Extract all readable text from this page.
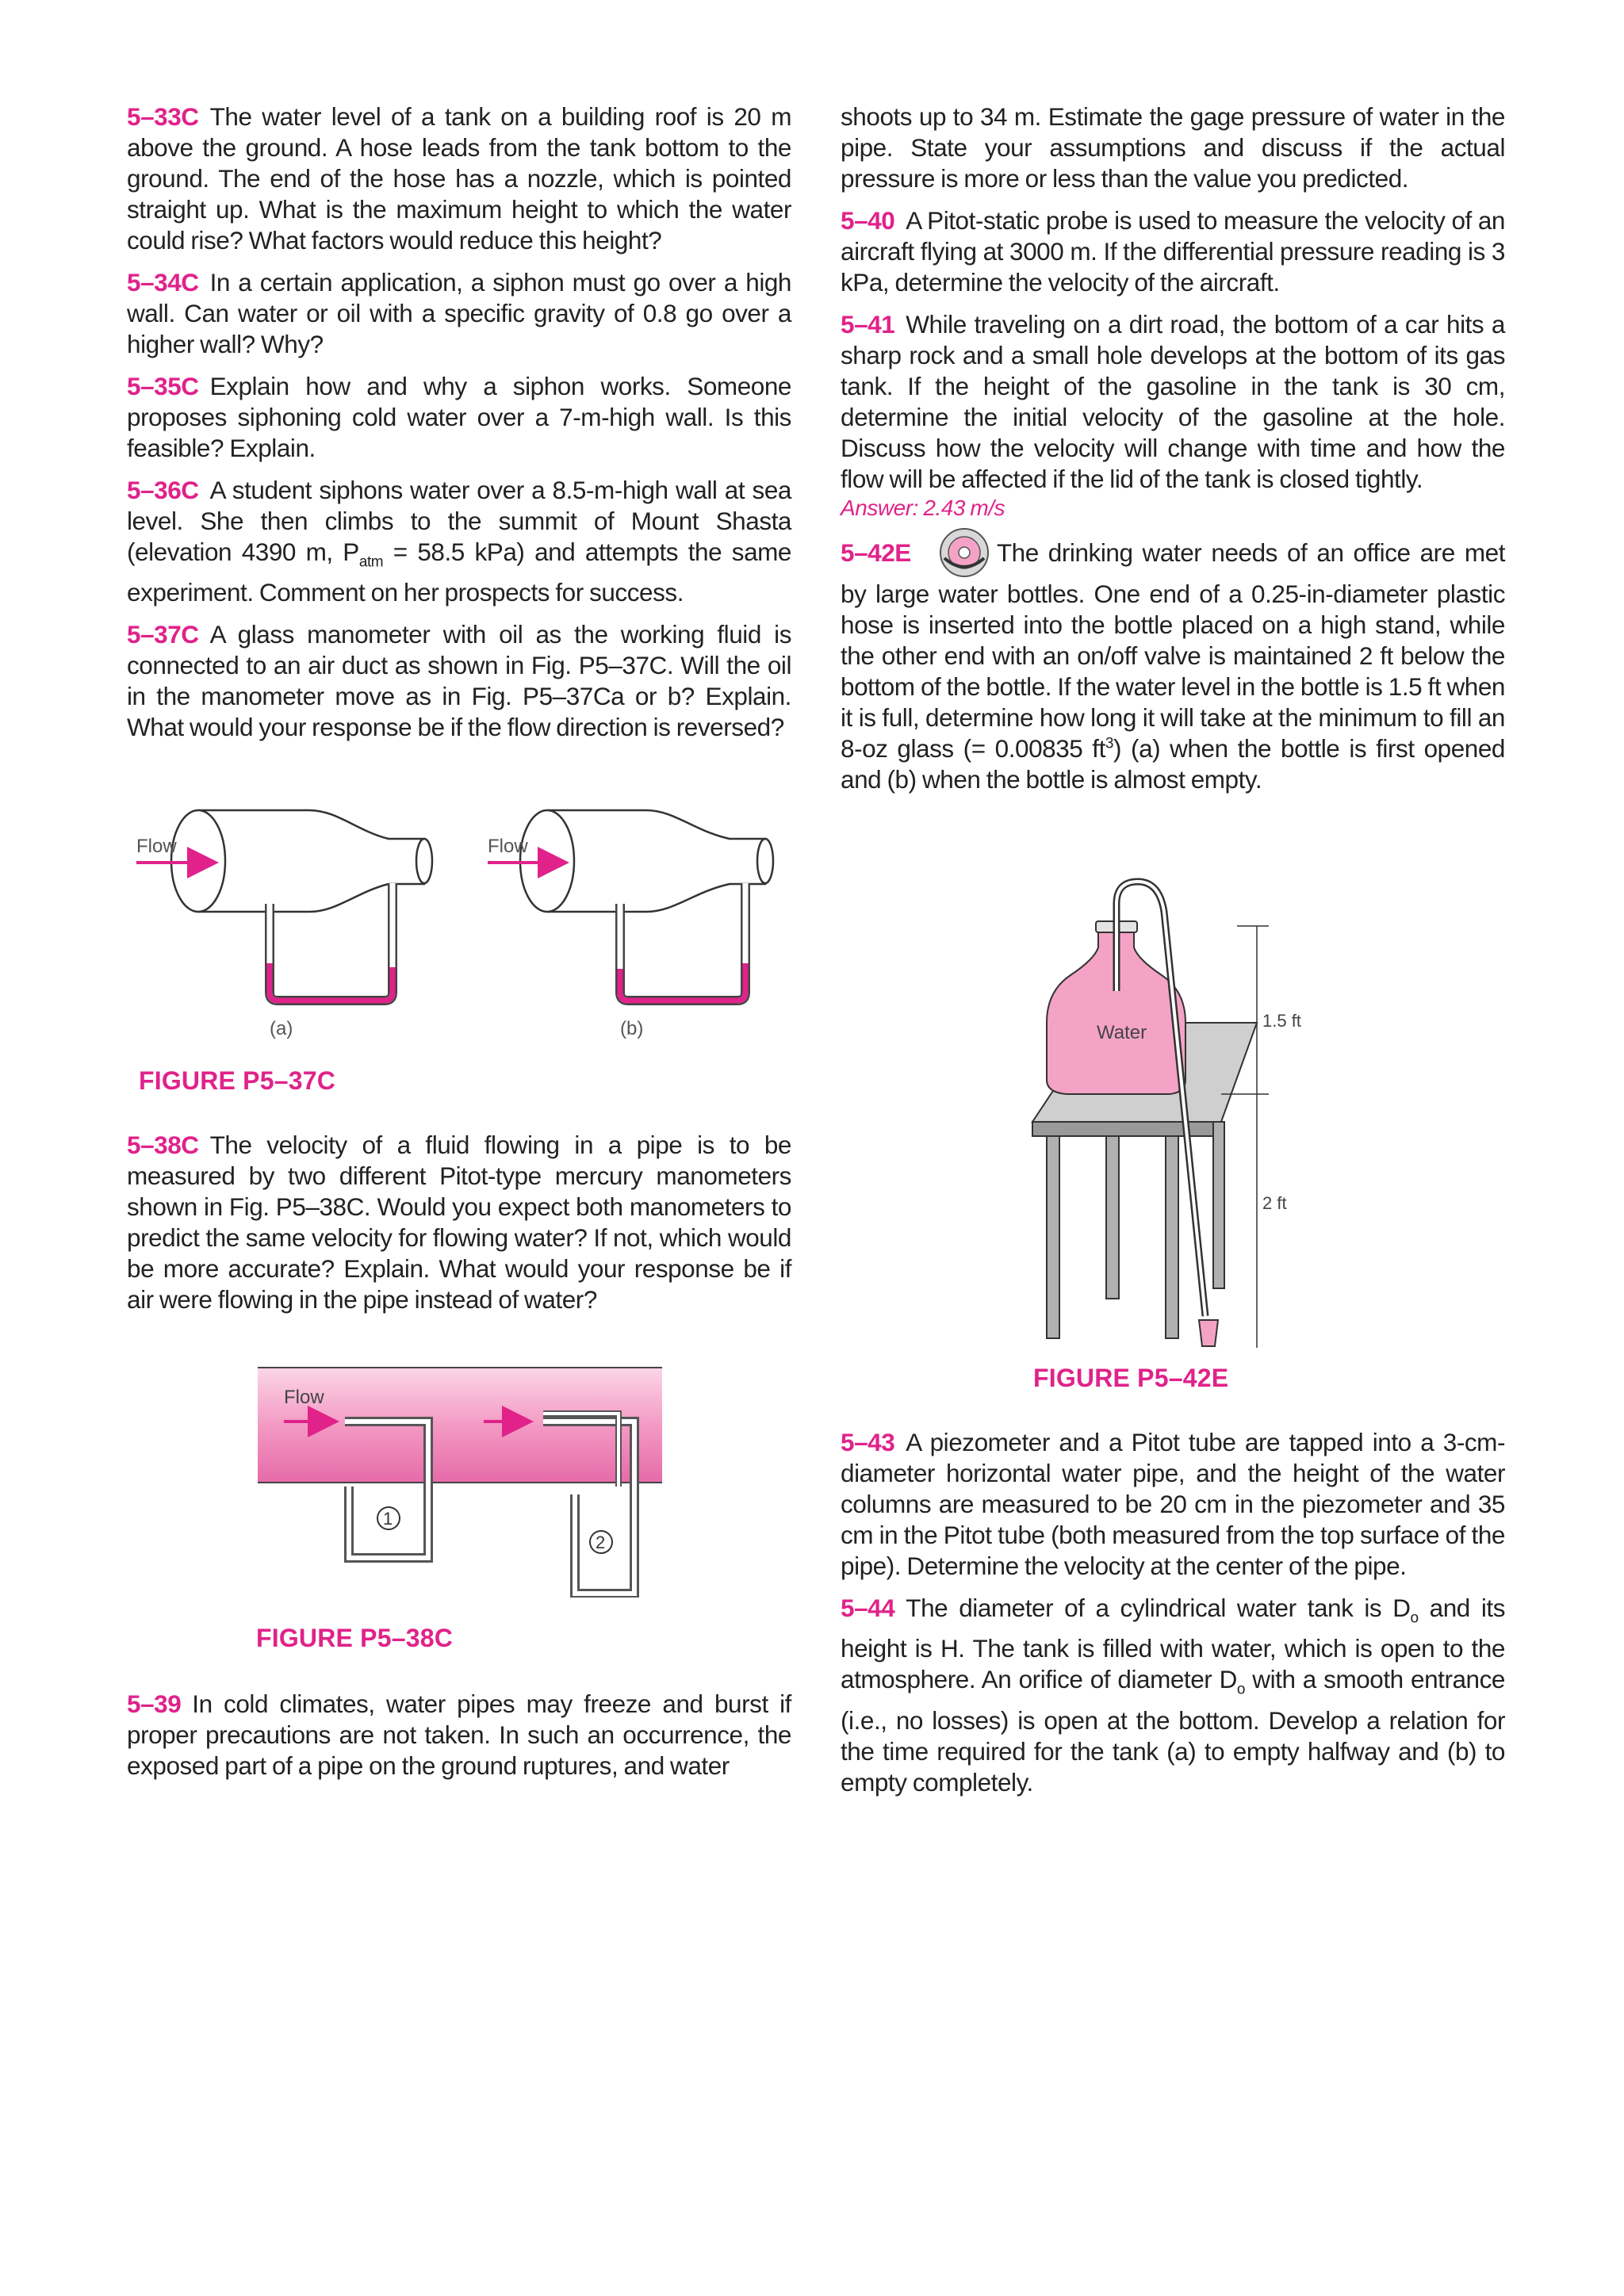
5–33C The water level of a tank on a building roof is 20 m above the ground. A hose leads from the tank bottom to the ground. The end of the hose has a nozzle, which is pointed straight up. What is the maximum height to which the water could rise? What factors would reduce this height?

5–34C In a certain application, a siphon must go over a high wall. Can water or oil with a specific gravity of 0.8 go over a higher wall? Why?

5–35C Explain how and why a siphon works. Someone proposes siphoning cold water over a 7-m-high wall. Is this feasible? Explain.

5–36C A student siphons water over a 8.5-m-high wall at sea level. She then climbs to the summit of Mount Shasta (elevation 4390 m, $P_{atm} = 58.5$ kPa) and attempts the same experiment. Comment on her prospects for success.

5–37C A glass manometer with oil as the working fluid is connected to an air duct as shown in Fig. P5–37C. Will the oil in the manometer move as in Fig. P5–37Ca or b? Explain. What would your response be if the flow direction is reversed?

Flow
(a)
Flow
(b)
FIGURE P5–37C

5–38C The velocity of a fluid flowing in a pipe is to be measured by two different Pitot-type mercury manometers shown in Fig. P5–38C. Would you expect both manometers to predict the same velocity for flowing water? If not, which would be more accurate? Explain. What would your response be if air were flowing in the pipe instead of water?

Flow
1
2
FIGURE P5–38C

5–39 In cold climates, water pipes may freeze and burst if proper precautions are not taken. In such an occurrence, the exposed part of a pipe on the ground ruptures, and water

shoots up to 34 m. Estimate the gage pressure of water in the pipe. State your assumptions and discuss if the actual pressure is more or less than the value you predicted.

5–40 A Pitot-static probe is used to measure the velocity of an aircraft flying at 3000 m. If the differential pressure reading is 3 kPa, determine the velocity of the aircraft.

5–41 While traveling on a dirt road, the bottom of a car hits a sharp rock and a small hole develops at the bottom of its gas tank. If the height of the gasoline in the tank is 30 cm, determine the initial velocity of the gasoline at the hole. Discuss how the velocity will change with time and how the flow will be affected if the lid of the tank is closed tightly.
Answer: 2.43 m/s

5–42E	The drinking water needs of an office are met by large water bottles. One end of a 0.25-in-diameter plastic hose is inserted into the bottle placed on a high stand, while the other end with an on/off valve is maintained 2 ft below the bottom of the bottle. If the water level in the bottle is 1.5 ft when it is full, determine how long it will take at the minimum to fill an 8-oz glass (= 0.00835 $ft^3$) (a) when the bottle is first opened and (b) when the bottle is almost empty.

Water
1.5 ft
2 ft
FIGURE P5–42E

5–43 A piezometer and a Pitot tube are tapped into a 3-cm-diameter horizontal water pipe, and the height of the water columns are measured to be 20 cm in the piezometer and 35 cm in the Pitot tube (both measured from the top surface of the pipe). Determine the velocity at the center of the pipe.

5–44 The diameter of a cylindrical water tank is $D_o$ and its height is H. The tank is filled with water, which is open to the atmosphere. An orifice of diameter $D_o$ with a smooth entrance (i.e., no losses) is open at the bottom. Develop a relation for the time required for the tank (a) to empty halfway and (b) to empty completely.
